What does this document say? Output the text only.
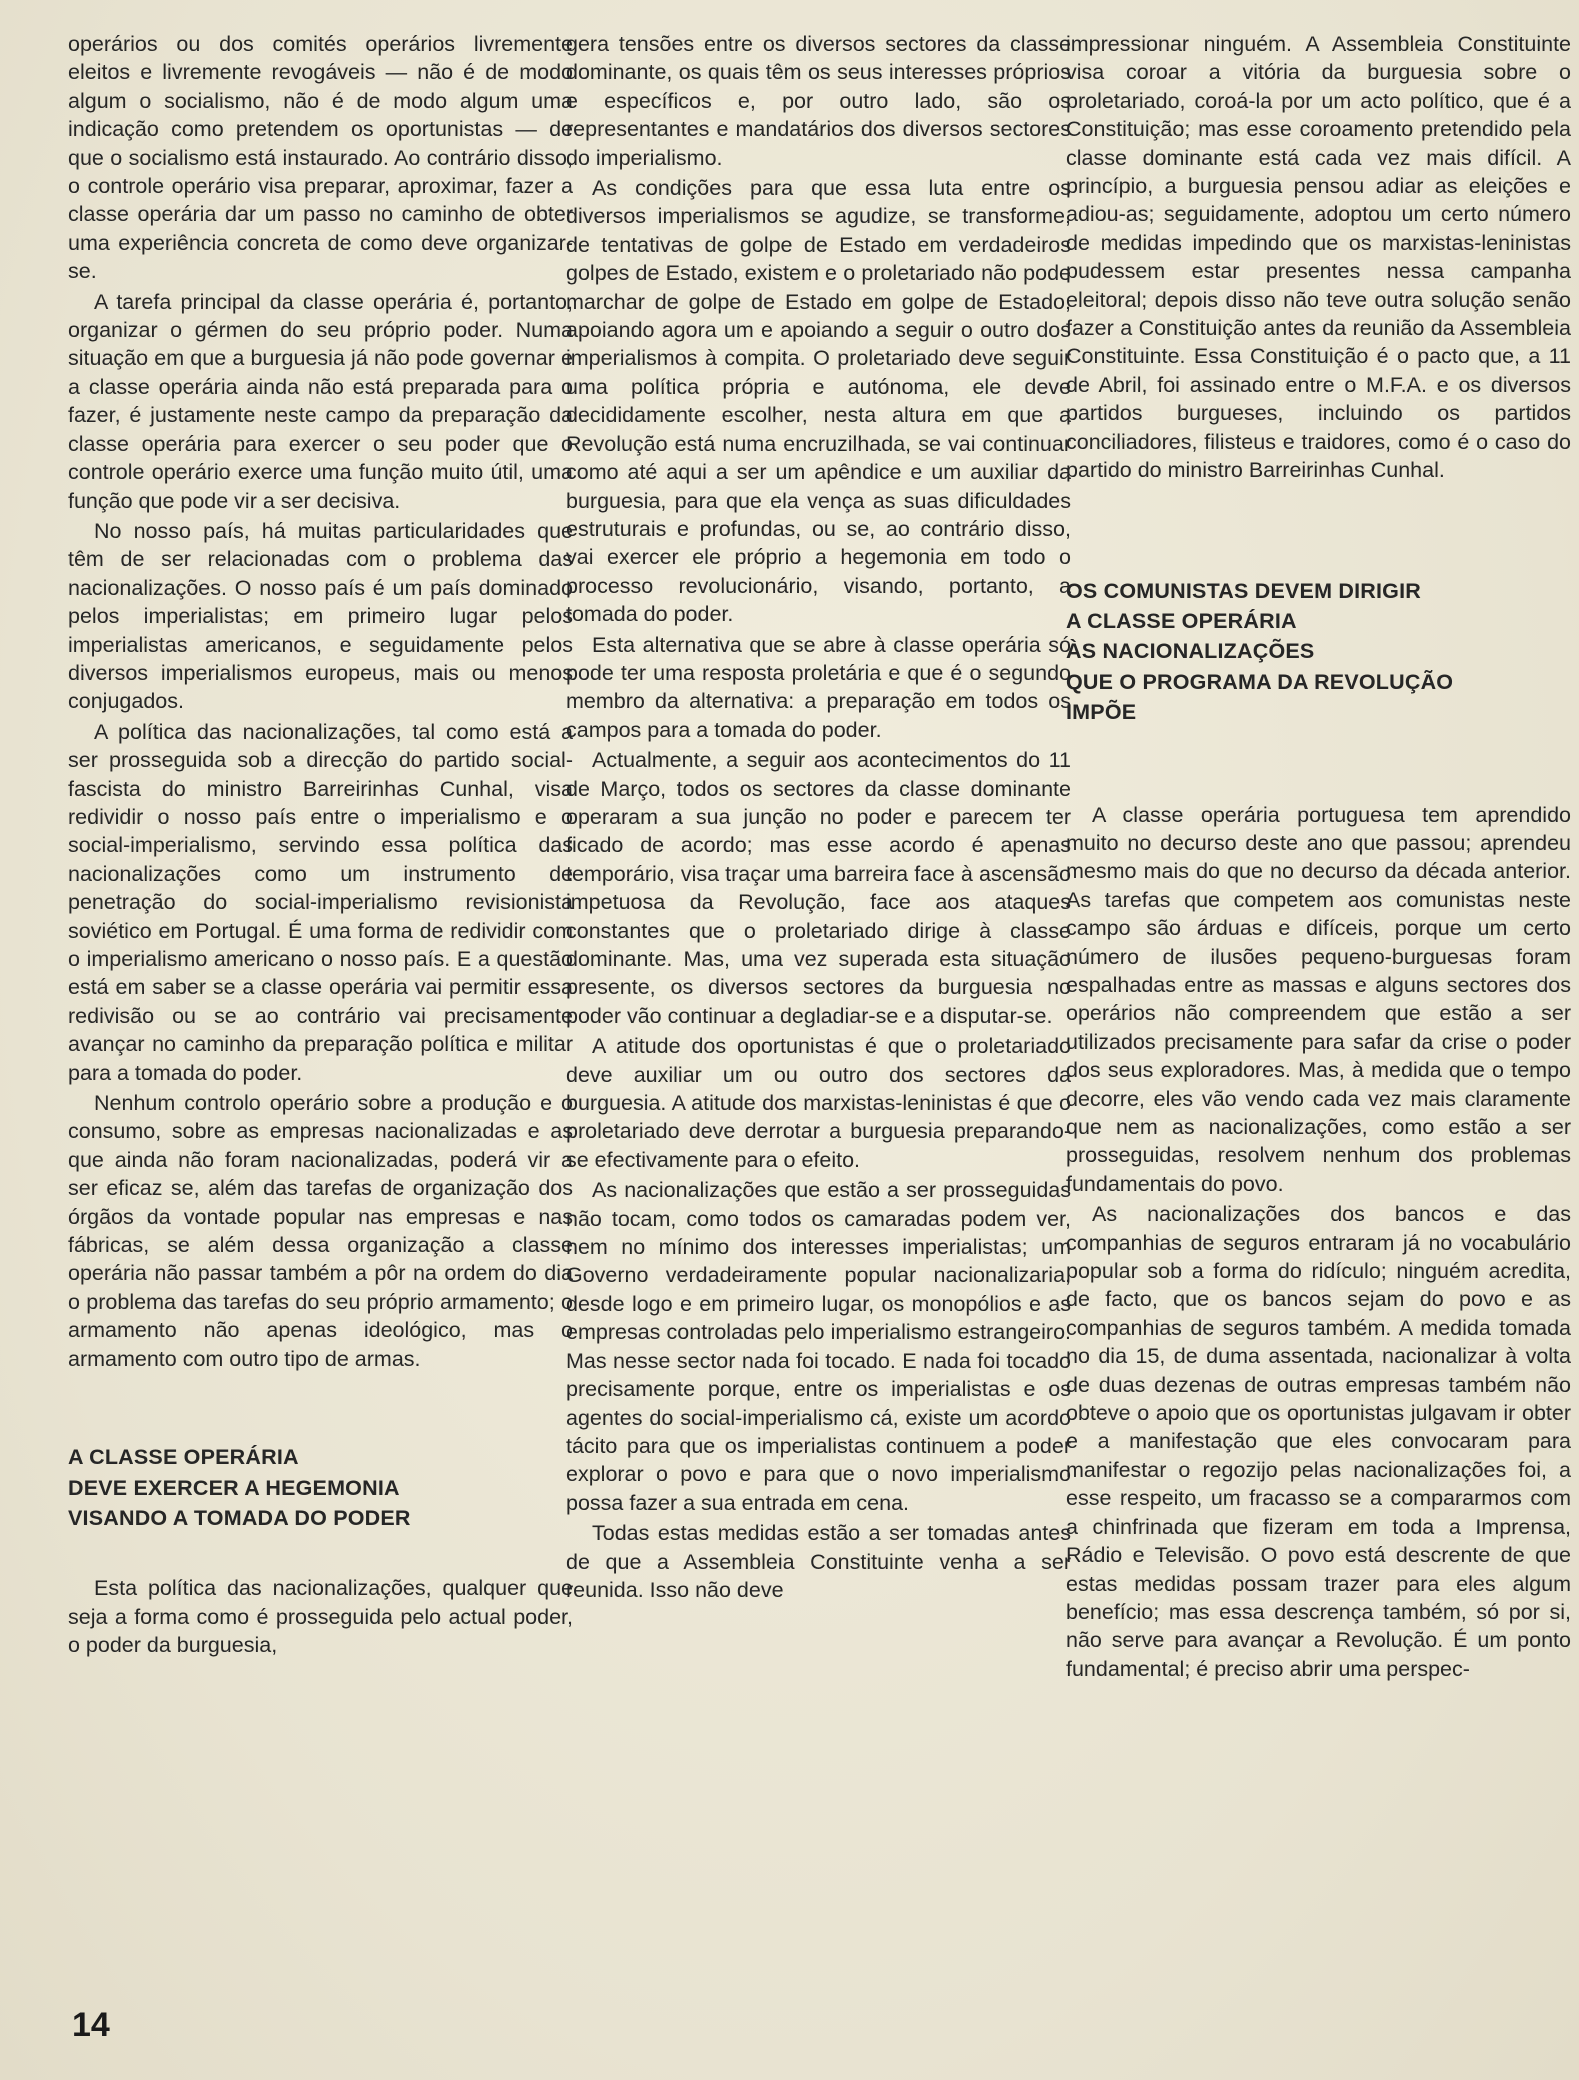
operários ou dos comités operários livremente eleitos e livremente revogáveis — não é de modo algum o socialismo, não é de modo algum uma indicação como pretendem os oportunistas — de que o socialismo está instaurado. Ao contrário disso, o controle operário visa preparar, aproximar, fazer a classe operária dar um passo no caminho de obter uma experiência concreta de como deve organizar-se.

A tarefa principal da classe operária é, portanto, organizar o gérmen do seu próprio poder. Numa situação em que a burguesia já não pode governar e a classe operária ainda não está preparada para o fazer, é justamente neste campo da preparação da classe operária para exercer o seu poder que o controle operário exerce uma função muito útil, uma função que pode vir a ser decisiva.

No nosso país, há muitas particularidades que têm de ser relacionadas com o problema das nacionalizações. O nosso país é um país dominado pelos imperialistas; em primeiro lugar pelos imperialistas americanos, e seguidamente pelos diversos imperialismos europeus, mais ou menos conjugados.

A política das nacionalizações, tal como está a ser prosseguida sob a direcção do partido social-fascista do ministro Barreirinhas Cunhal, visa redividir o nosso país entre o imperialismo e o social-imperialismo, servindo essa política das nacionalizações como um instrumento de penetração do social-imperialismo revisionista soviético em Portugal. É uma forma de redividir com o imperialismo americano o nosso país. E a questão está em saber se a classe operária vai permitir essa redivisão ou se ao contrário vai precisamente avançar no caminho da preparação política e militar para a tomada do poder.

Nenhum controlo operário sobre a produção e o consumo, sobre as empresas nacionalizadas e as que ainda não foram nacionalizadas, poderá vir a ser eficaz se, além das tarefas de organização dos órgãos da vontade popular nas empresas e nas fábricas, se além dessa organização a classe operária não passar também a pôr na ordem do dia o problema das tarefas do seu próprio armamento; o armamento não apenas ideológico, mas o armamento com outro tipo de armas.

A CLASSE OPERÁRIA

DEVE EXERCER A HEGEMONIA

VISANDO A TOMADA DO PODER

Esta política das nacionalizações, qualquer que seja a forma como é prosseguida pelo actual poder, o poder da burguesia,

gera tensões entre os diversos sectores da classe dominante, os quais têm os seus interesses próprios e específicos e, por outro lado, são os representantes e mandatários dos diversos sectores do imperialismo.

As condições para que essa luta entre os diversos imperialismos se agudize, se transforme, de tentativas de golpe de Estado em verdadeiros golpes de Estado, existem e o proletariado não pode marchar de golpe de Estado em golpe de Estado, apoiando agora um e apoiando a seguir o outro dos imperialismos à compita. O proletariado deve seguir uma política própria e autónoma, ele deve decididamente escolher, nesta altura em que a Revolução está numa encruzilhada, se vai continuar como até aqui a ser um apêndice e um auxiliar da burguesia, para que ela vença as suas dificuldades estruturais e profundas, ou se, ao contrário disso, vai exercer ele próprio a hegemonia em todo o processo revolucionário, visando, portanto, a tomada do poder.

Esta alternativa que se abre à classe operária só pode ter uma resposta proletária e que é o segundo membro da alternativa: a preparação em todos os campos para a tomada do poder.

Actualmente, a seguir aos acontecimentos do 11 de Março, todos os sectores da classe dominante operaram a sua junção no poder e parecem ter ficado de acordo; mas esse acordo é apenas temporário, visa traçar uma barreira face à ascensão impetuosa da Revolução, face aos ataques constantes que o proletariado dirige à classe dominante. Mas, uma vez superada esta situação presente, os diversos sectores da burguesia no poder vão continuar a degladiar-se e a disputar-se.

A atitude dos oportunistas é que o proletariado deve auxiliar um ou outro dos sectores da burguesia. A atitude dos marxistas-leninistas é que o proletariado deve derrotar a burguesia preparando-se efectivamente para o efeito.

As nacionalizações que estão a ser prosseguidas não tocam, como todos os camaradas podem ver, nem no mínimo dos interesses imperialistas; um Governo verdadeiramente popular nacionalizaria, desde logo e em primeiro lugar, os monopólios e as empresas controladas pelo imperialismo estrangeiro. Mas nesse sector nada foi tocado. E nada foi tocado precisamente porque, entre os imperialistas e os agentes do social-imperialismo cá, existe um acordo tácito para que os imperialistas continuem a poder explorar o povo e para que o novo imperialismo possa fazer a sua entrada em cena.

Todas estas medidas estão a ser tomadas antes de que a Assembleia Constituinte venha a ser reunida. Isso não deve

impressionar ninguém. A Assembleia Constituinte visa coroar a vitória da burguesia sobre o proletariado, coroá-la por um acto político, que é a Constituição; mas esse coroamento pretendido pela classe dominante está cada vez mais difícil. A princípio, a burguesia pensou adiar as eleições e adiou-as; seguidamente, adoptou um certo número de medidas impedindo que os marxistas-leninistas pudessem estar presentes nessa campanha eleitoral; depois disso não teve outra solução senão fazer a Constituição antes da reunião da Assembleia Constituinte. Essa Constituição é o pacto que, a 11 de Abril, foi assinado entre o M.F.A. e os diversos partidos burgueses, incluindo os partidos conciliadores, filisteus e traidores, como é o caso do partido do ministro Barreirinhas Cunhal.

OS COMUNISTAS DEVEM DIRIGIR

A CLASSE OPERÁRIA

ÀS NACIONALIZAÇÕES

QUE O PROGRAMA DA REVOLUÇÃO

IMPÕE

A classe operária portuguesa tem aprendido muito no decurso deste ano que passou; aprendeu mesmo mais do que no decurso da década anterior. As tarefas que competem aos comunistas neste campo são árduas e difíceis, porque um certo número de ilusões pequeno-burguesas foram espalhadas entre as massas e alguns sectores dos operários não compreendem que estão a ser utilizados precisamente para safar da crise o poder dos seus exploradores. Mas, à medida que o tempo decorre, eles vão vendo cada vez mais claramente que nem as nacionalizações, como estão a ser prosseguidas, resolvem nenhum dos problemas fundamentais do povo.

As nacionalizações dos bancos e das companhias de seguros entraram já no vocabulário popular sob a forma do ridículo; ninguém acredita, de facto, que os bancos sejam do povo e as companhias de seguros também. A medida tomada no dia 15, de duma assentada, nacionalizar à volta de duas dezenas de outras empresas também não obteve o apoio que os oportunistas julgavam ir obter e a manifestação que eles convocaram para manifestar o regozijo pelas nacionalizações foi, a esse respeito, um fracasso se a compararmos com a chinfrinada que fizeram em toda a Imprensa, Rádio e Televisão. O povo está descrente de que estas medidas possam trazer para eles algum benefício; mas essa descrença também, só por si, não serve para avançar a Revolução. É um ponto fundamental; é preciso abrir uma perspec-

14
